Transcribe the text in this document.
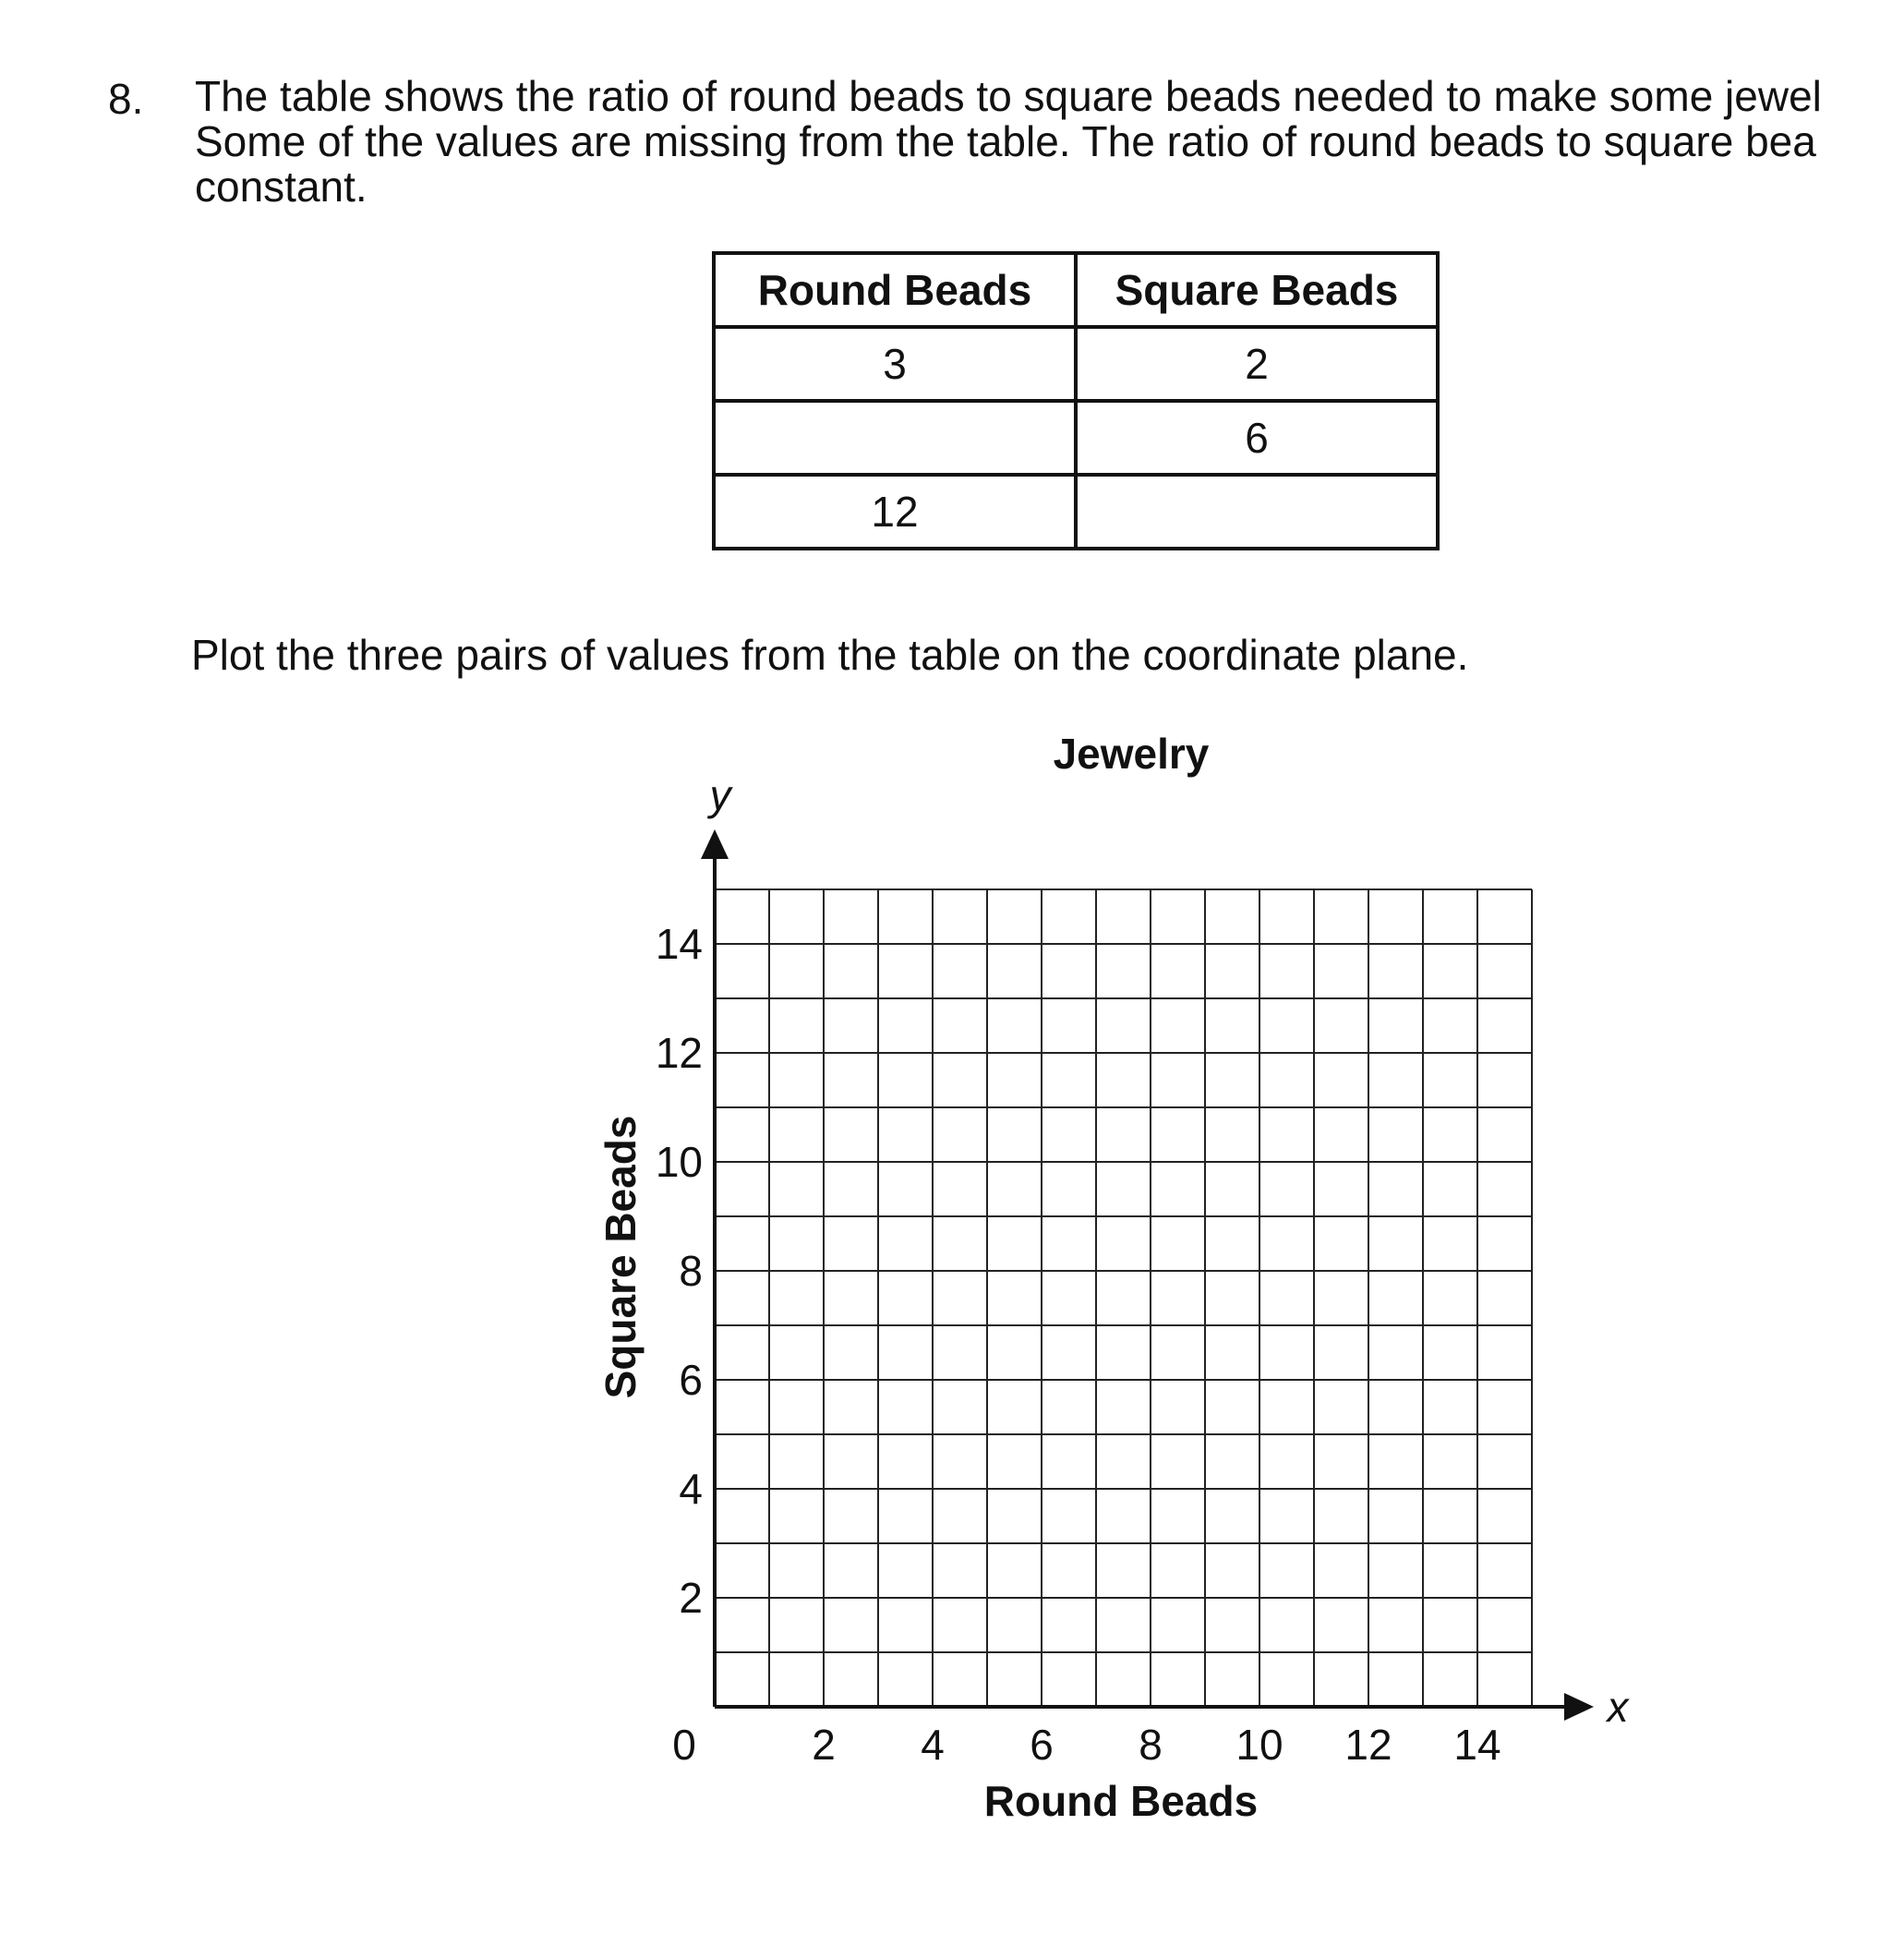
8. The table shows the ratio of round beads to square beads needed to make some jewel
Some of the values are missing from the table. The ratio of round beads to square bea
constant.
Round Beads	Square Beads
3	2
	6
12	
Plot the three pairs of values from the table on the coordinate plane.
Jewelry
2 4 6 8 10 12 14
2
4
6
8
10
12
14
x
y
0
Round Beads
Square Beads
